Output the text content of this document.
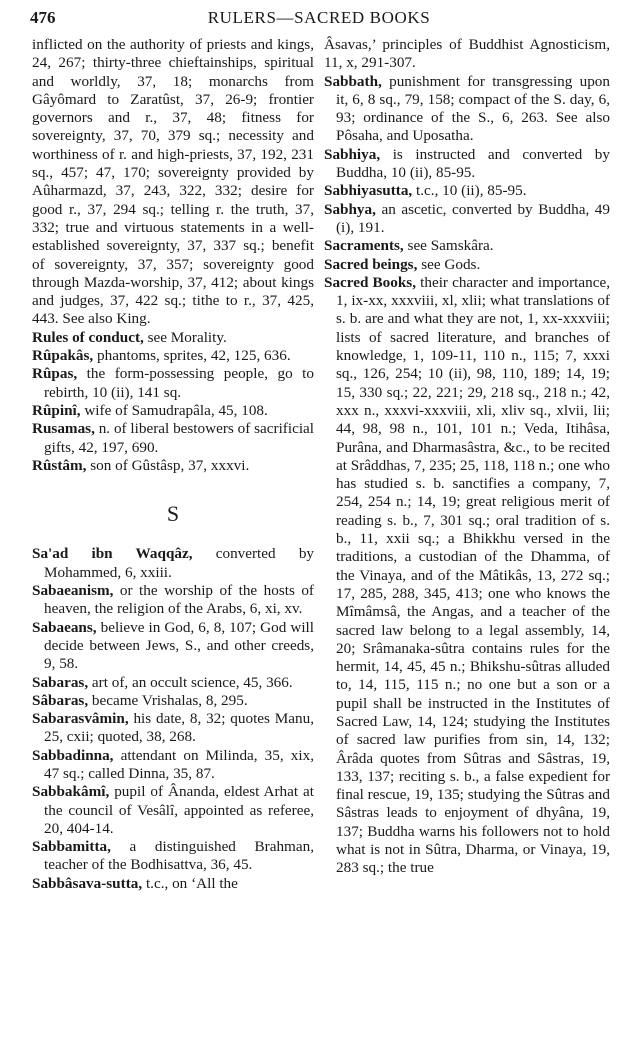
476	RULERS—SACRED BOOKS

inflicted on the authority of priests and kings, 24, 267; thirty-three chieftainships, spiritual and worldly, 37, 18; monarchs from Gâyômard to Zaratûst, 37, 26-9; frontier governors and r., 37, 48; fitness for sovereignty, 37, 70, 379 sq.; necessity and worthiness of r. and high-priests, 37, 192, 231 sq., 457; 47, 170; sovereignty provided by Aûharmazd, 37, 243, 322, 332; desire for good r., 37, 294 sq.; telling r. the truth, 37, 332; true and virtuous statements in a well-established sovereignty, 37, 337 sq.; benefit of sovereignty, 37, 357; sovereignty good through Mazda-worship, 37, 412; about kings and judges, 37, 422 sq.; tithe to r., 37, 425, 443. See also King.

Rules of conduct, see Morality.

Rûpakâs, phantoms, sprites, 42, 125, 636.

Rûpas, the form-possessing people, go to rebirth, 10 (ii), 141 sq.

Rûpinî, wife of Samudrapâla, 45, 108.

Rusamas, n. of liberal bestowers of sacrificial gifts, 42, 197, 690.

Rûstâm, son of Gûstâsp, 37, xxxvi.

S

Sa'ad ibn Waqqâz, converted by Mohammed, 6, xxiii.

Sabaeanism, or the worship of the hosts of heaven, the religion of the Arabs, 6, xi, xv.

Sabaeans, believe in God, 6, 8, 107; God will decide between Jews, S., and other creeds, 9, 58.

Sabaras, art of, an occult science, 45, 366.

Sâbaras, became Vrishalas, 8, 295.

Sabarasvâmin, his date, 8, 32; quotes Manu, 25, cxii; quoted, 38, 268.

Sabbadinna, attendant on Milinda, 35, xix, 47 sq.; called Dinna, 35, 87.

Sabbakâmî, pupil of Ânanda, eldest Arhat at the council of Vesâlî, appointed as referee, 20, 404-14.

Sabbamitta, a distinguished Brahman, teacher of the Bodhisattva, 36, 45.

Sabbâsava-sutta, t.c., on ‘All the

Âsavas,’ principles of Buddhist Agnosticism, 11, x, 291-307.

Sabbath, punishment for transgressing upon it, 6, 8 sq., 79, 158; compact of the S. day, 6, 93; ordinance of the S., 6, 263. See also Pôsaha, and Uposatha.

Sabhiya, is instructed and converted by Buddha, 10 (ii), 85-95.

Sabhiyasutta, t.c., 10 (ii), 85-95.

Sabhya, an ascetic, converted by Buddha, 49 (i), 191.

Sacraments, see Samskâra.

Sacred beings, see Gods.

Sacred Books, their character and importance, 1, ix-xx, xxxviii, xl, xlii; what translations of s. b. are and what they are not, 1, xx-xxxviii; lists of sacred literature, and branches of knowledge, 1, 109-11, 110 n., 115; 7, xxxi sq., 126, 254; 10 (ii), 98, 110, 189; 14, 19; 15, 330 sq.; 22, 221; 29, 218 sq., 218 n.; 42, xxx n., xxxvi-xxxviii, xli, xliv sq., xlvii, lii; 44, 98, 98 n., 101, 101 n.; Veda, Itihâsa, Purâna, and Dharmasâstra, &c., to be recited at Srâddhas, 7, 235; 25, 118, 118 n.; one who has studied s. b. sanctifies a company, 7, 254, 254 n.; 14, 19; great religious merit of reading s. b., 7, 301 sq.; oral tradition of s. b., 11, xxii sq.; a Bhikkhu versed in the traditions, a custodian of the Dhamma, of the Vinaya, and of the Mâtikâs, 13, 272 sq.; 17, 285, 288, 345, 413; one who knows the Mîmâmsâ, the Angas, and a teacher of the sacred law belong to a legal assembly, 14, 20; Srâmanaka-sûtra contains rules for the hermit, 14, 45, 45 n.; Bhikshu-sûtras alluded to, 14, 115, 115 n.; no one but a son or a pupil shall be instructed in the Institutes of Sacred Law, 14, 124; studying the Institutes of sacred law purifies from sin, 14, 132; Ârâda quotes from Sûtras and Sâstras, 19, 133, 137; reciting s. b., a false expedient for final rescue, 19, 135; studying the Sûtras and Sâstras leads to enjoyment of dhyâna, 19, 137; Buddha warns his followers not to hold what is not in Sûtra, Dharma, or Vinaya, 19, 283 sq.; the true
